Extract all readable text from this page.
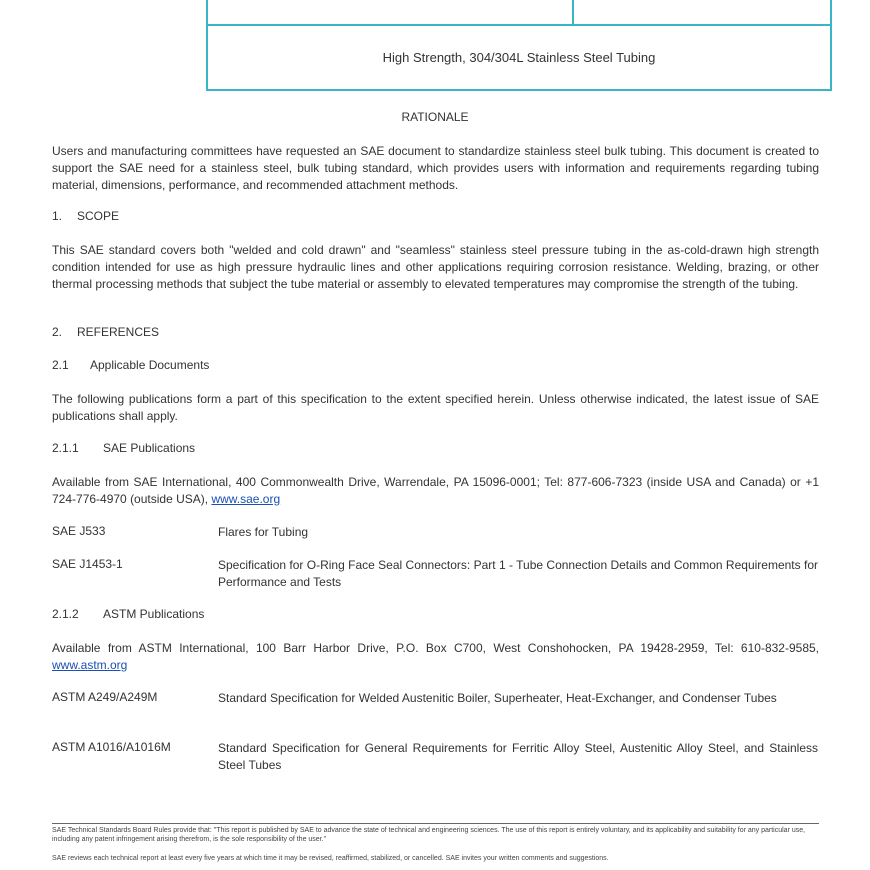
High Strength, 304/304L Stainless Steel Tubing
RATIONALE
Users and manufacturing committees have requested an SAE document to standardize stainless steel bulk tubing. This document is created to support the SAE need for a stainless steel, bulk tubing standard, which provides users with information and requirements regarding tubing material, dimensions, performance, and recommended attachment methods.
1. SCOPE
This SAE standard covers both "welded and cold drawn" and "seamless" stainless steel pressure tubing in the as-cold-drawn high strength condition intended for use as high pressure hydraulic lines and other applications requiring corrosion resistance. Welding, brazing, or other thermal processing methods that subject the tube material or assembly to elevated temperatures may compromise the strength of the tubing.
2. REFERENCES
2.1 Applicable Documents
The following publications form a part of this specification to the extent specified herein. Unless otherwise indicated, the latest issue of SAE publications shall apply.
2.1.1 SAE Publications
Available from SAE International, 400 Commonwealth Drive, Warrendale, PA 15096-0001; Tel: 877-606-7323 (inside USA and Canada) or +1 724-776-4970 (outside USA), www.sae.org
SAE J533	Flares for Tubing
SAE J1453-1	Specification for O-Ring Face Seal Connectors: Part 1 - Tube Connection Details and Common Requirements for Performance and Tests
2.1.2 ASTM Publications
Available from ASTM International, 100 Barr Harbor Drive, P.O. Box C700, West Conshohocken, PA 19428-2959, Tel: 610-832-9585, www.astm.org
ASTM A249/A249M	Standard Specification for Welded Austenitic Boiler, Superheater, Heat-Exchanger, and Condenser Tubes
ASTM A1016/A1016M	Standard Specification for General Requirements for Ferritic Alloy Steel, Austenitic Alloy Steel, and Stainless Steel Tubes
SAE Technical Standards Board Rules provide that: "This report is published by SAE to advance the state of technical and engineering sciences. The use of this report is entirely voluntary, and its applicability and suitability for any particular use, including any patent infringement arising therefrom, is the sole responsibility of the user."
SAE reviews each technical report at least every five years at which time it may be revised, reaffirmed, stabilized, or cancelled. SAE invites your written comments and suggestions.
